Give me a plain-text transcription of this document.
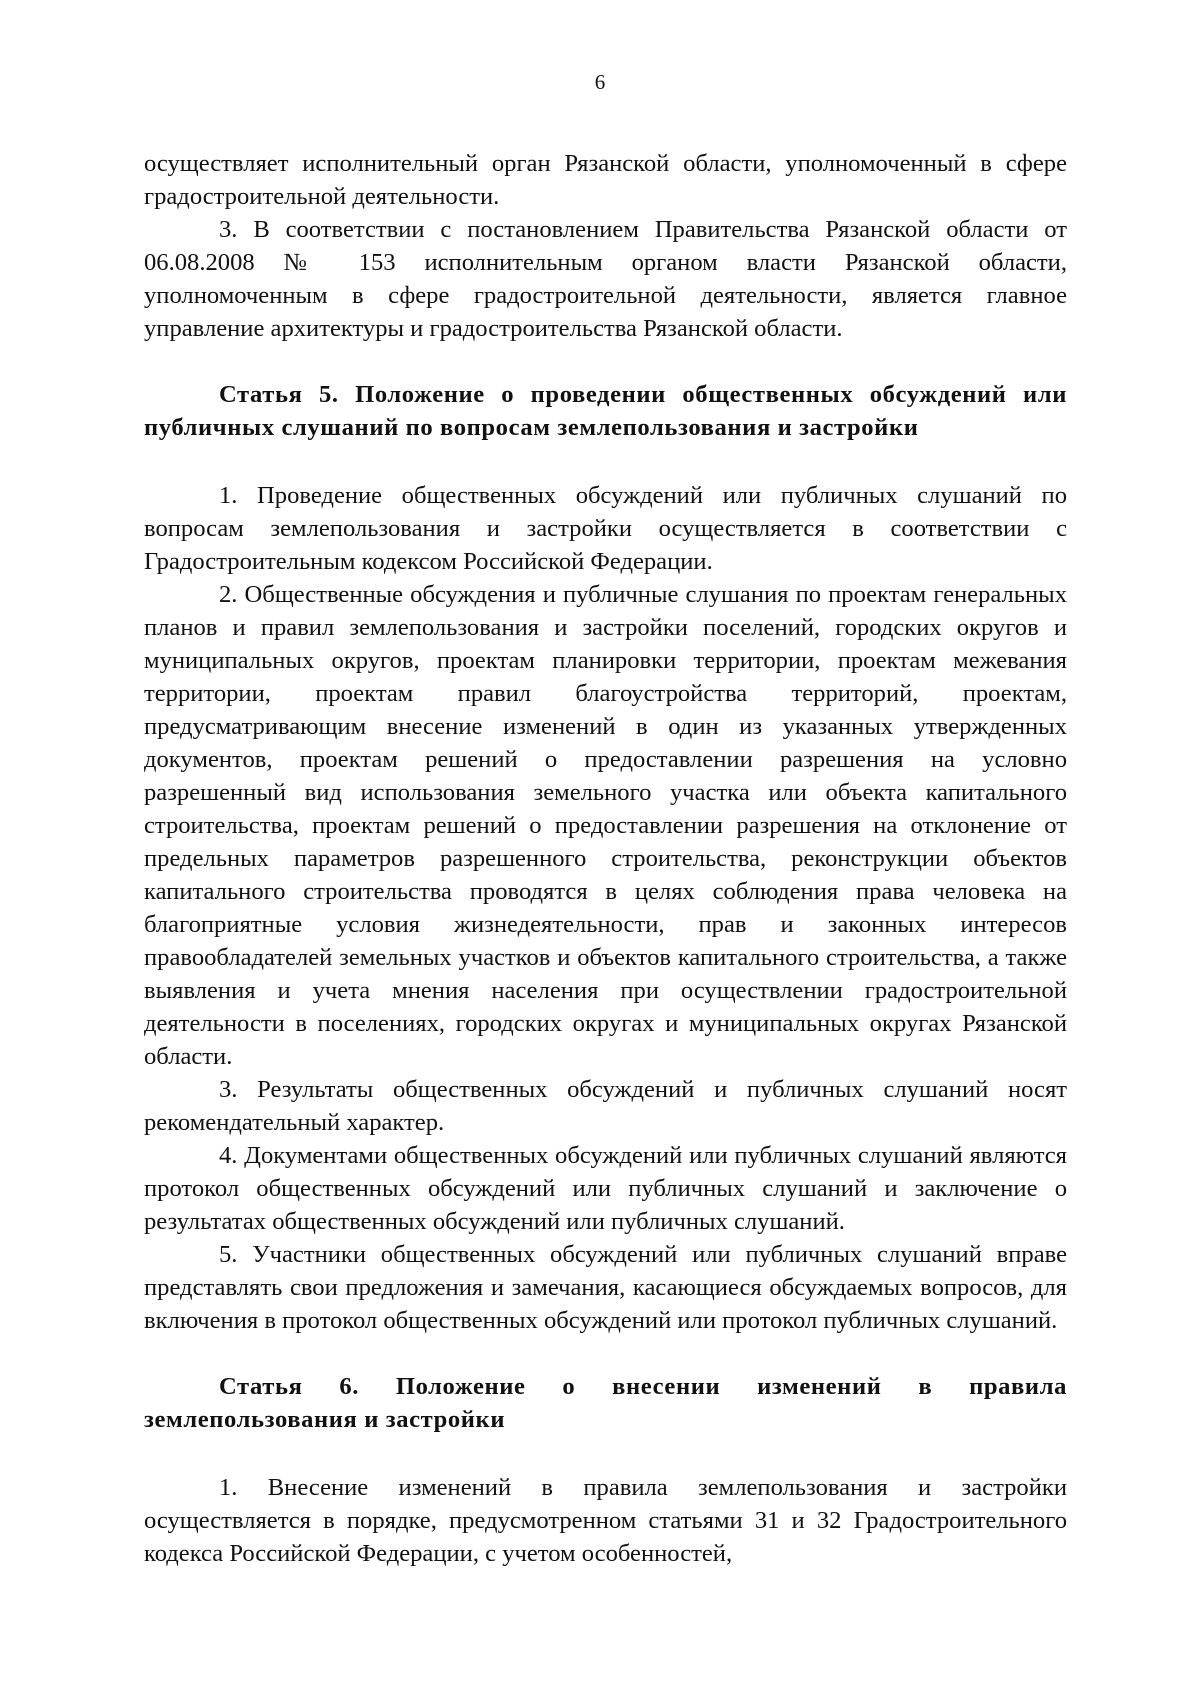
6

осуществляет исполнительный орган Рязанской области, уполномоченный в сфере градостроительной деятельности.

3. В соответствии с постановлением Правительства Рязанской области от 06.08.2008 № 153 исполнительным органом власти Рязанской области, уполномоченным в сфере градостроительной деятельности, является главное управление архитектуры и градостроительства Рязанской области.

Статья 5. Положение о проведении общественных обсуждений или публичных слушаний по вопросам землепользования и застройки

1. Проведение общественных обсуждений или публичных слушаний по вопросам землепользования и застройки осуществляется в соответствии с Градостроительным кодексом Российской Федерации.

2. Общественные обсуждения и публичные слушания по проектам генеральных планов и правил землепользования и застройки поселений, городских округов и муниципальных округов, проектам планировки территории, проектам межевания территории, проектам правил благоустройства территорий, проектам, предусматривающим внесение изменений в один из указанных утвержденных документов, проектам решений о предоставлении разрешения на условно разрешенный вид использования земельного участка или объекта капитального строительства, проектам решений о предоставлении разрешения на отклонение от предельных параметров разрешенного строительства, реконструкции объектов капитального строительства проводятся в целях соблюдения права человека на благоприятные условия жизнедеятельности, прав и законных интересов правообладателей земельных участков и объектов капитального строительства, а также выявления и учета мнения населения при осуществлении градостроительной деятельности в поселениях, городских округах и муниципальных округах Рязанской области.

3. Результаты общественных обсуждений и публичных слушаний носят рекомендательный характер.

4. Документами общественных обсуждений или публичных слушаний являются протокол общественных обсуждений или публичных слушаний и заключение о результатах общественных обсуждений или публичных слушаний.

5. Участники общественных обсуждений или публичных слушаний вправе представлять свои предложения и замечания, касающиеся обсуждаемых вопросов, для включения в протокол общественных обсуждений или протокол публичных слушаний.

Статья 6. Положение о внесении изменений в правила землепользования и застройки

1. Внесение изменений в правила землепользования и застройки осуществляется в порядке, предусмотренном статьями 31 и 32 Градостроительного кодекса Российской Федерации, с учетом особенностей,
